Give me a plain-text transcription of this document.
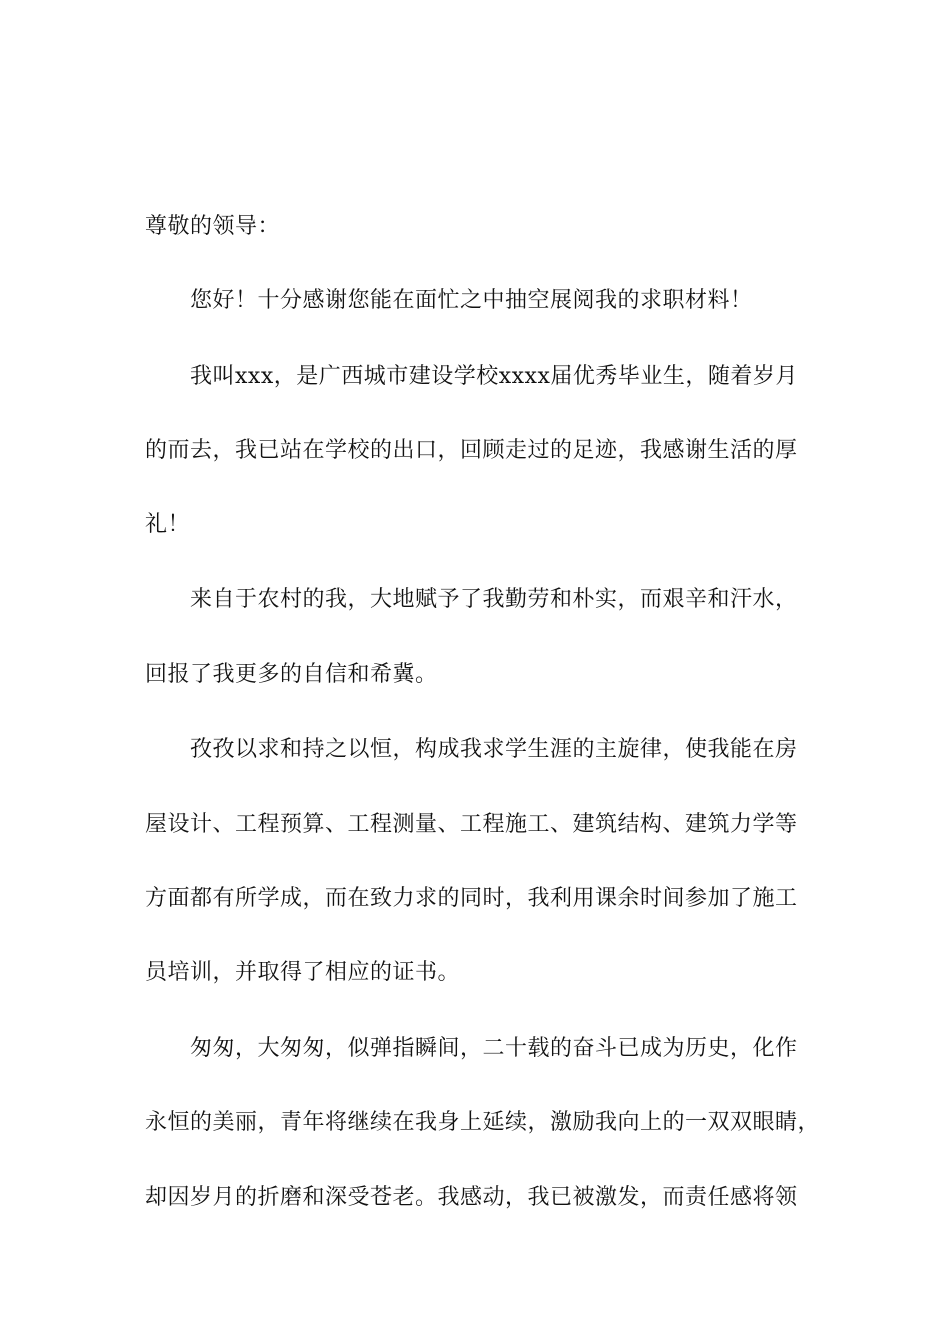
尊敬的领导：
您好！十分感谢您能在面忙之中抽空展阅我的求职材料！
我叫xxx，是广西城市建设学校xxxx届优秀毕业生，随着岁月
的而去，我已站在学校的出口，回顾走过的足迹，我感谢生活的厚
礼！
来自于农村的我，大地赋予了我勤劳和朴实，而艰辛和汗水，
回报了我更多的自信和希冀。
孜孜以求和持之以恒，构成我求学生涯的主旋律，使我能在房
屋设计、工程预算、工程测量、工程施工、建筑结构、建筑力学等
方面都有所学成，而在致力求的同时，我利用课余时间参加了施工
员培训，并取得了相应的证书。
匆匆，大匆匆，似弹指瞬间，二十载的奋斗已成为历史，化作
永恒的美丽，青年将继续在我身上延续，激励我向上的一双双眼睛，
却因岁月的折磨和深受苍老。我感动，我已被激发，而责任感将领
